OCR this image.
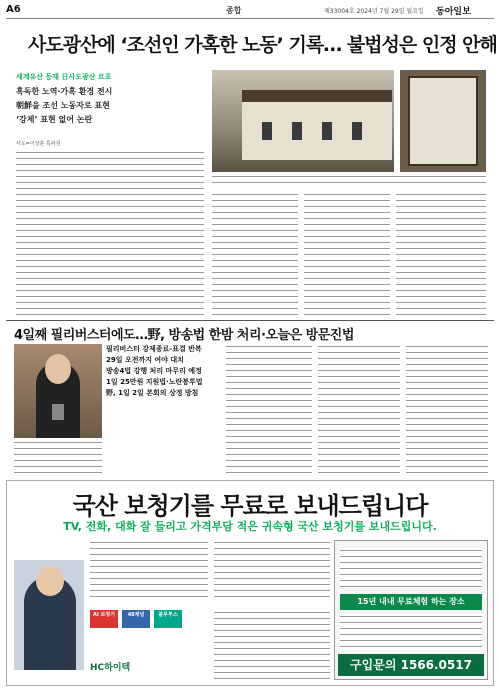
A6	종합	제33004호 2024년 7월 29일 월요일 동아일보
사도광산에 ‘조선인 가혹한 노동’ 기록… 불법성은 인정 안해
세계유산 등재 日사도광산 르포
혹독한 노역·가혹 환경 전시
朝鮮을 조선 노동자로 표현
‘강제’ 표현 없어 논란
사도=이상훈 특파원
4일째 필리버스터에도…野, 방송법 한밤 처리·오늘은 방문진법
필리버스터 강제종료-표결 반복
29일 오전까지 여야 대치
방송4법 강행 처리 마무리 예정
1일 25만원 지원법·노란봉투법
野, 1일 2일 본회의 상정 방침
국산 보청기를 무료로 보내드립니다
TV, 전화, 대화 잘 들리고 가격부담 적은 귀속형 국산 보청기를 보내드립니다.
AI 보청기	48채널	블루투스
HC하이텍
15년 내내 무료체험 하는 장소
구입문의 1566.0517
